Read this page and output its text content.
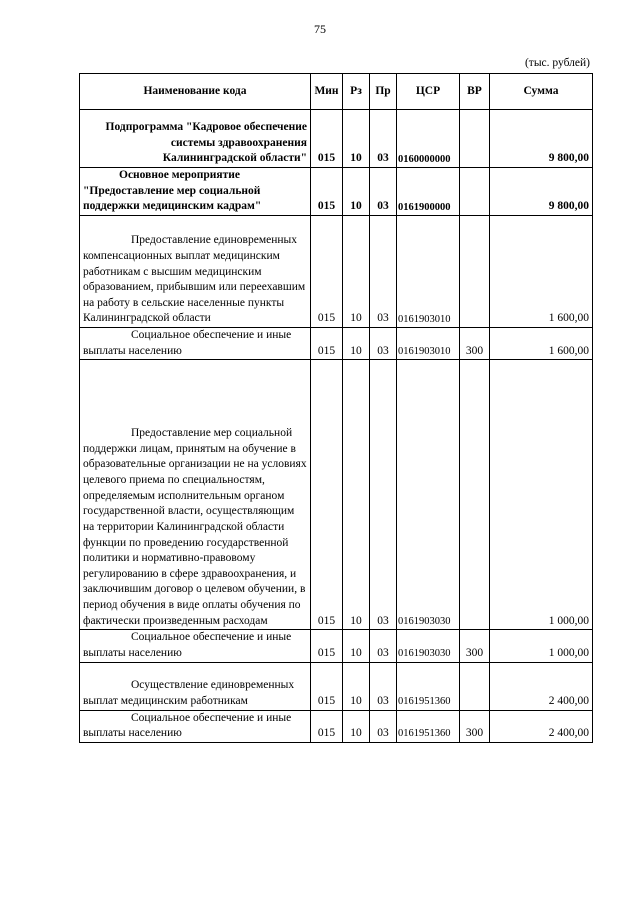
75
(тыс. рублей)
Наименование кода	Мин	Рз	Пр	ЦСР	ВР	Сумма
Подпрограмма "Кадровое обеспечение системы здравоохранения Калининградской области"	015	10	03	0160000000		9 800,00
Основное мероприятие "Предоставление мер социальной поддержки медицинским кадрам"	015	10	03	0161900000		9 800,00
Предоставление единовременных компенсационных выплат медицинским работникам с высшим медицинским образованием, прибывшим или переехавшим на работу в сельские населенные пункты Калининградской области	015	10	03	0161903010		1 600,00
Социальное обеспечение и иные выплаты населению	015	10	03	0161903010	300	1 600,00
Предоставление мер социальной поддержки лицам, принятым на обучение в образовательные организации не на условиях целевого приема по специальностям, определяемым исполнительным органом государственной власти, осуществляющим на территории Калининградской области функции по проведению государственной политики и нормативно-правовому регулированию в сфере здравоохранения, и заключившим договор о целевом обучении, в период обучения в виде оплаты обучения по фактически произведенным расходам	015	10	03	0161903030		1 000,00
Социальное обеспечение и иные выплаты населению	015	10	03	0161903030	300	1 000,00
Осуществление единовременных выплат медицинским работникам	015	10	03	0161951360		2 400,00
Социальное обеспечение и иные выплаты населению	015	10	03	0161951360	300	2 400,00
